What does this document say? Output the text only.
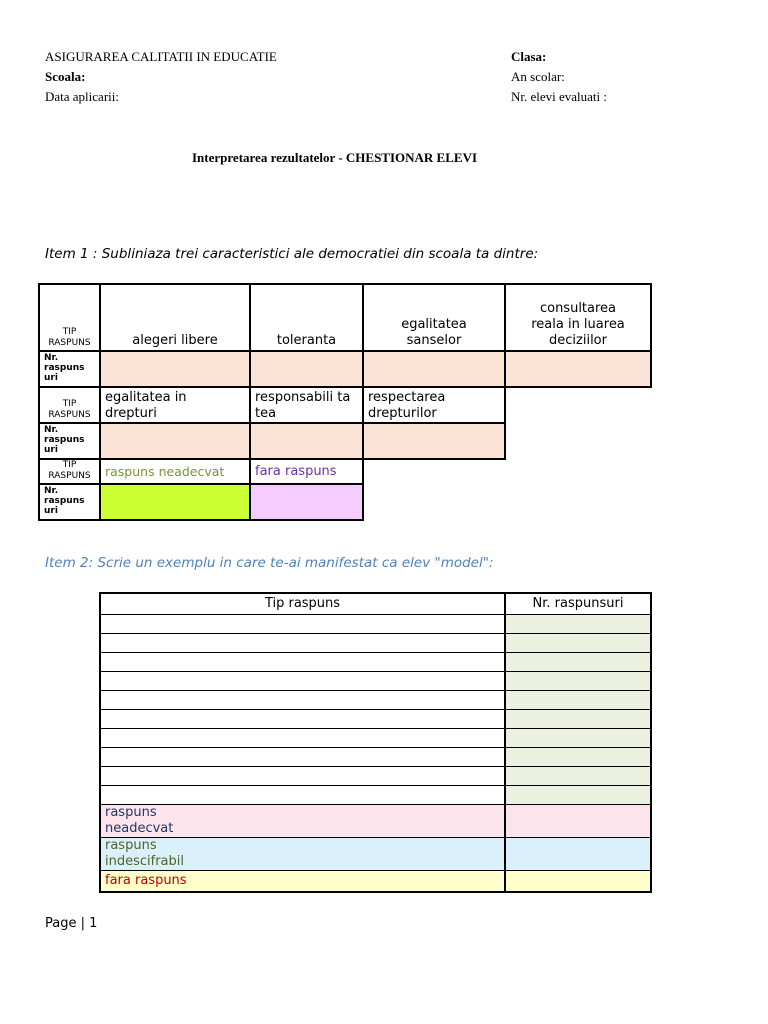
ASIGURAREA CALITATII IN EDUCATIE
Scoala:
Data aplicarii:
Clasa:
An scolar:
Nr. elevi evaluati :
Interpretarea rezultatelor - CHESTIONAR ELEVI
Item 1 : Subliniaza trei caracteristici ale democratiei din scoala ta dintre:
TIP RASPUNS	alegeri libere	toleranta	egalitatea sanselor	consultarea reala in luarea deciziilor

Nr. raspuns uri				
TIP RASPUNS	egalitatea in drepturi	responsabili tatea	respectarea drepturilor	

Nr. raspuns uri				
TIP RASPUNS	raspuns neadecvat	fara raspuns		
Nr. raspuns uri				
Item 2: Scrie un exemplu in care te-ai manifestat ca elev "model":
Tip raspuns	Nr. raspunsuri

raspuns neadecvat	

raspuns indescifrabil	

fara raspuns	
Page | 1
